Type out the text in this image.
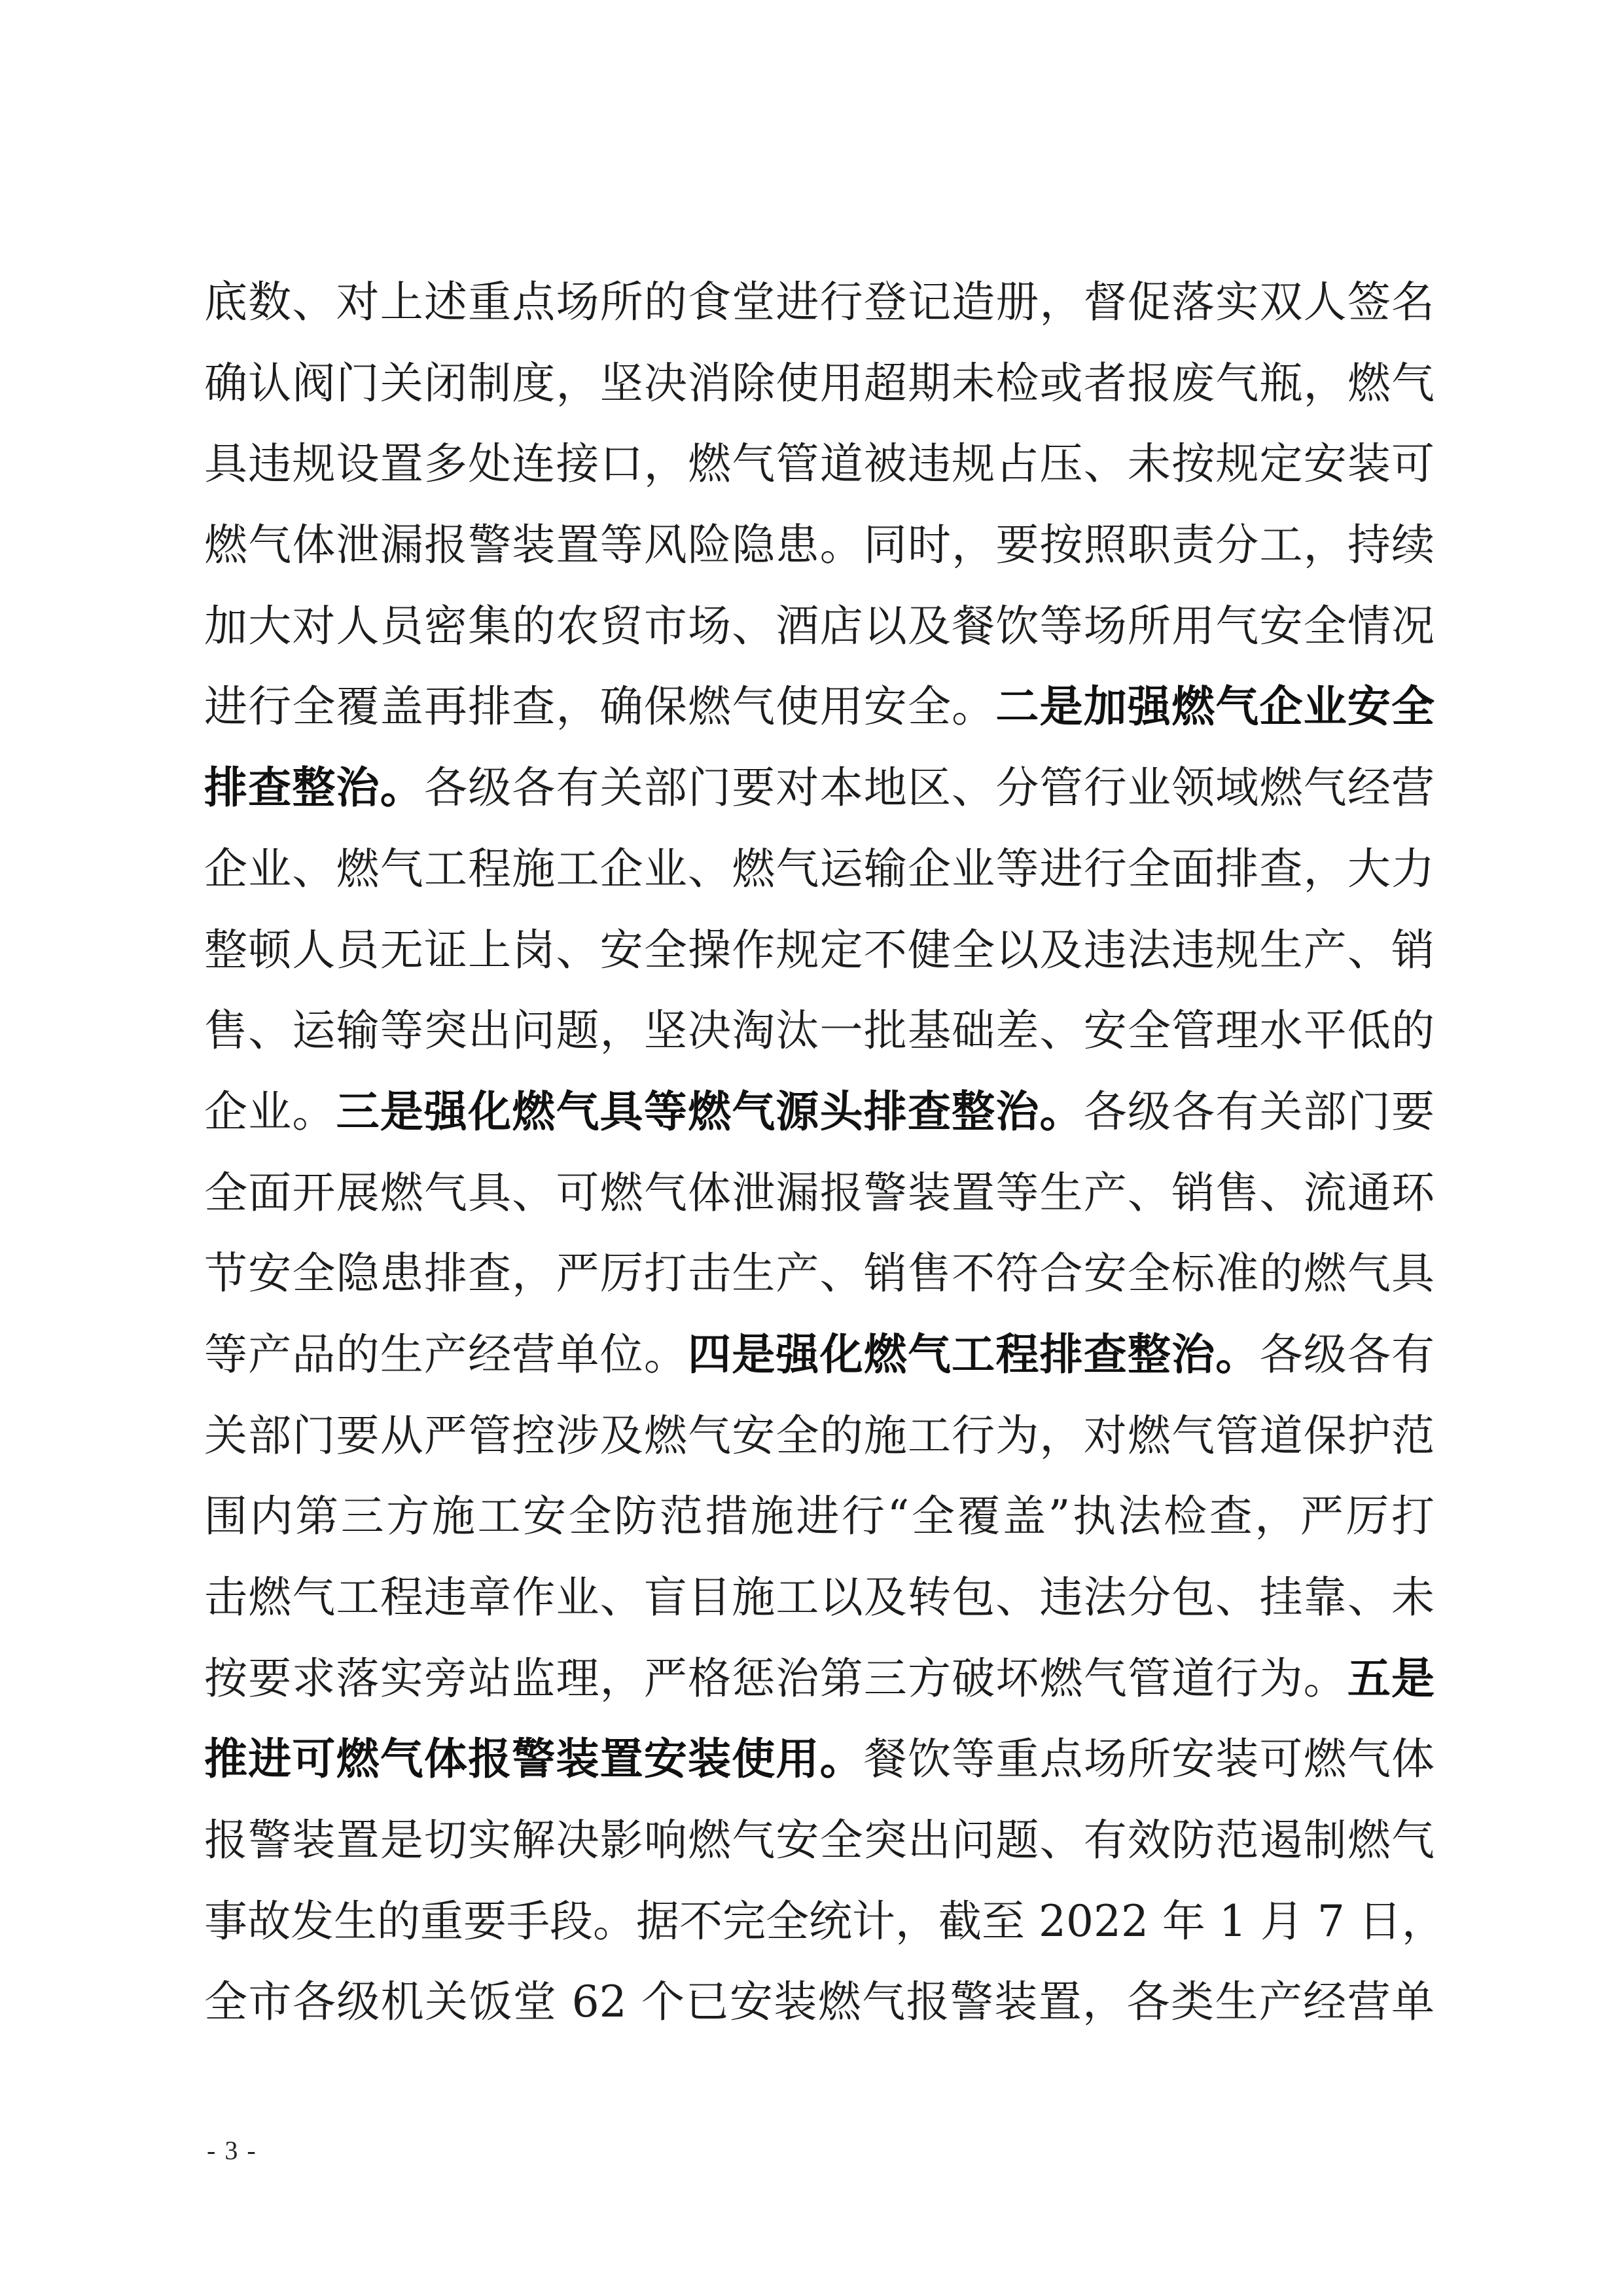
底数、对上述重点场所的食堂进行登记造册，督促落实双人签名
确认阀门关闭制度，坚决消除使用超期未检或者报废气瓶，燃气
具违规设置多处连接口，燃气管道被违规占压、未按规定安装可
燃气体泄漏报警装置等风险隐患。同时，要按照职责分工，持续
加大对人员密集的农贸市场、酒店以及餐饮等场所用气安全情况
进行全覆盖再排查，确保燃气使用安全。二是加强燃气企业安全
排查整治。各级各有关部门要对本地区、分管行业领域燃气经营
企业、燃气工程施工企业、燃气运输企业等进行全面排查，大力
整顿人员无证上岗、安全操作规定不健全以及违法违规生产、销
售、运输等突出问题，坚决淘汰一批基础差、安全管理水平低的
企业。三是强化燃气具等燃气源头排查整治。各级各有关部门要
全面开展燃气具、可燃气体泄漏报警装置等生产、销售、流通环
节安全隐患排查，严厉打击生产、销售不符合安全标准的燃气具
等产品的生产经营单位。四是强化燃气工程排查整治。各级各有
关部门要从严管控涉及燃气安全的施工行为，对燃气管道保护范
围内第三方施工安全防范措施进行“全覆盖”执法检查，严厉打
击燃气工程违章作业、盲目施工以及转包、违法分包、挂靠、未
按要求落实旁站监理，严格惩治第三方破坏燃气管道行为。五是
推进可燃气体报警装置安装使用。餐饮等重点场所安装可燃气体
报警装置是切实解决影响燃气安全突出问题、有效防范遏制燃气
事故发生的重要手段。据不完全统计，截至 2022 年 1 月 7 日，
全市各级机关饭堂 62 个已安装燃气报警装置，各类生产经营单
- 3 -
